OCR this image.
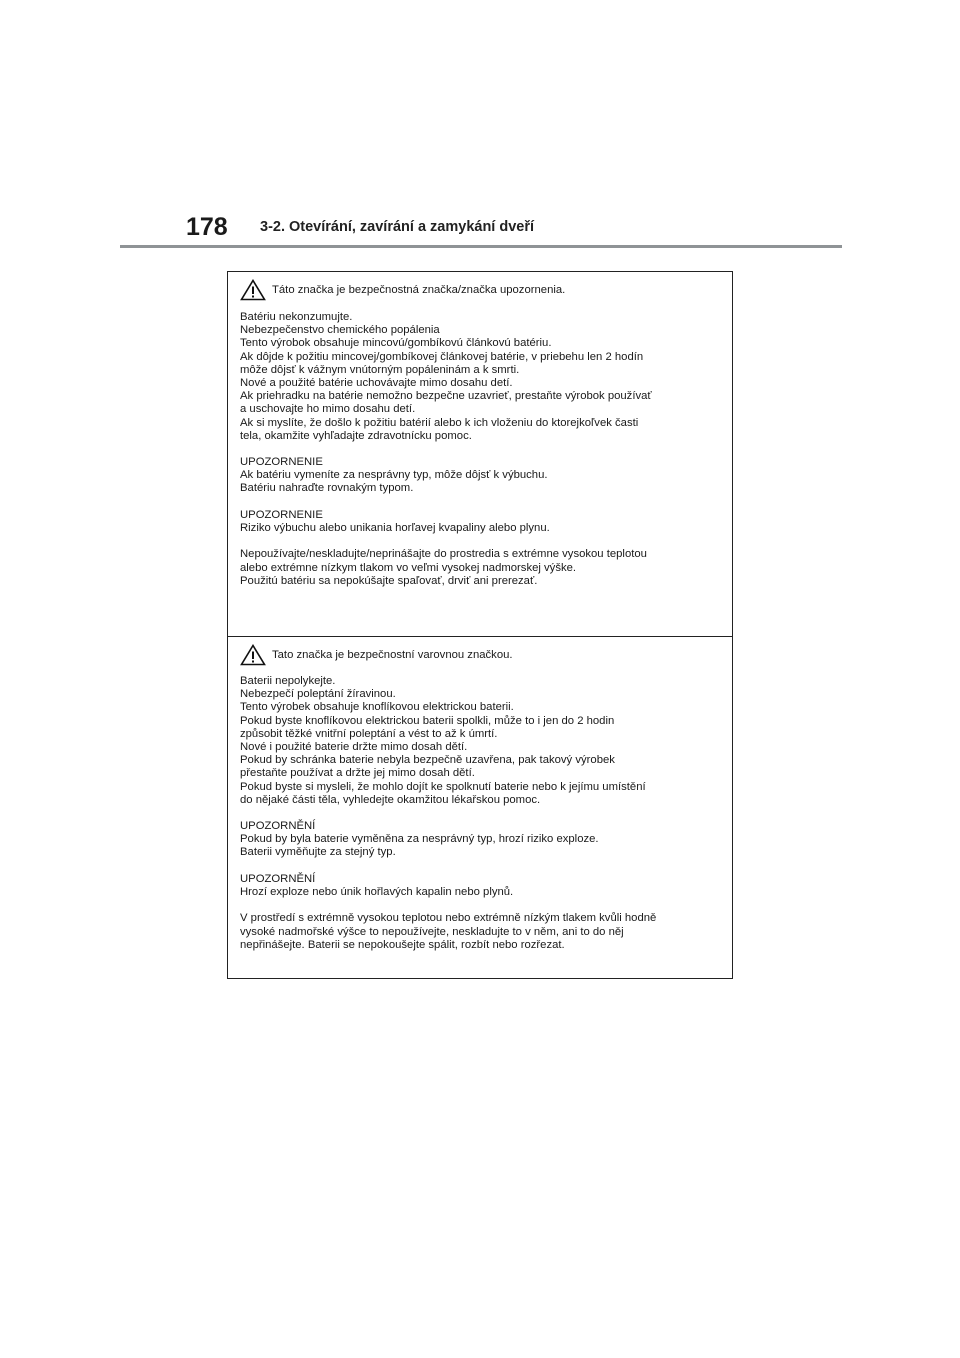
178 3-2. Otevírání, zavírání a zamykání dveří
Táto značka je bezpečnostná značka/značka upozornenia.
Batériu nekonzumujte.
Nebezpečenstvo chemického popálenia
Tento výrobok obsahuje mincovú/gombíkovú článkovú batériu.
Ak dôjde k požitiu mincovej/gombíkovej článkovej batérie, v priebehu len 2 hodín
môže dôjsť k vážnym vnútorným popáleninám a k smrti.
Nové a použité batérie uchovávajte mimo dosahu detí.
Ak priehradku na batérie nemožno bezpečne uzavrieť, prestaňte výrobok používať
a uschovajte ho mimo dosahu detí.
Ak si myslíte, že došlo k požitiu batérií alebo k ich vloženiu do ktorejkoľvek časti
tela, okamžite vyhľadajte zdravotnícku pomoc.
UPOZORNENIE
Ak batériu vymeníte za nesprávny typ, môže dôjsť k výbuchu.
Batériu nahraďte rovnakým typom.
UPOZORNENIE
Riziko výbuchu alebo unikania horľavej kvapaliny alebo plynu.
Nepoužívajte/neskladujte/neprinášajte do prostredia s extrémne vysokou teplotou
alebo extrémne nízkym tlakom vo veľmi vysokej nadmorskej výške.
Použitú batériu sa nepokúšajte spaľovať, drviť ani prerezať.
Tato značka je bezpečnostní varovnou značkou.
Baterii nepolykejte.
Nebezpečí poleptání žíravinou.
Tento výrobek obsahuje knoflíkovou elektrickou baterii.
Pokud byste knoflíkovou elektrickou baterii spolkli, může to i jen do 2 hodin
způsobit těžké vnitřní poleptání a vést to až k úmrtí.
Nové i použité baterie držte mimo dosah dětí.
Pokud by schránka baterie nebyla bezpečně uzavřena, pak takový výrobek
přestaňte používat a držte jej mimo dosah dětí.
Pokud byste si mysleli, že mohlo dojít ke spolknutí baterie nebo k jejímu umístění
do nějaké části těla, vyhledejte okamžitou lékařskou pomoc.
UPOZORNĚNÍ
Pokud by byla baterie vyměněna za nesprávný typ, hrozí riziko exploze.
Baterii vyměňujte za stejný typ.
UPOZORNĚNÍ
Hrozí exploze nebo únik hořlavých kapalin nebo plynů.
V prostředí s extrémně vysokou teplotou nebo extrémně nízkým tlakem kvůli hodně
vysoké nadmořské výšce to nepoužívejte, neskladujte to v něm, ani to do něj
nepřinášejte. Baterii se nepokoušejte spálit, rozbít nebo rozřezat.
